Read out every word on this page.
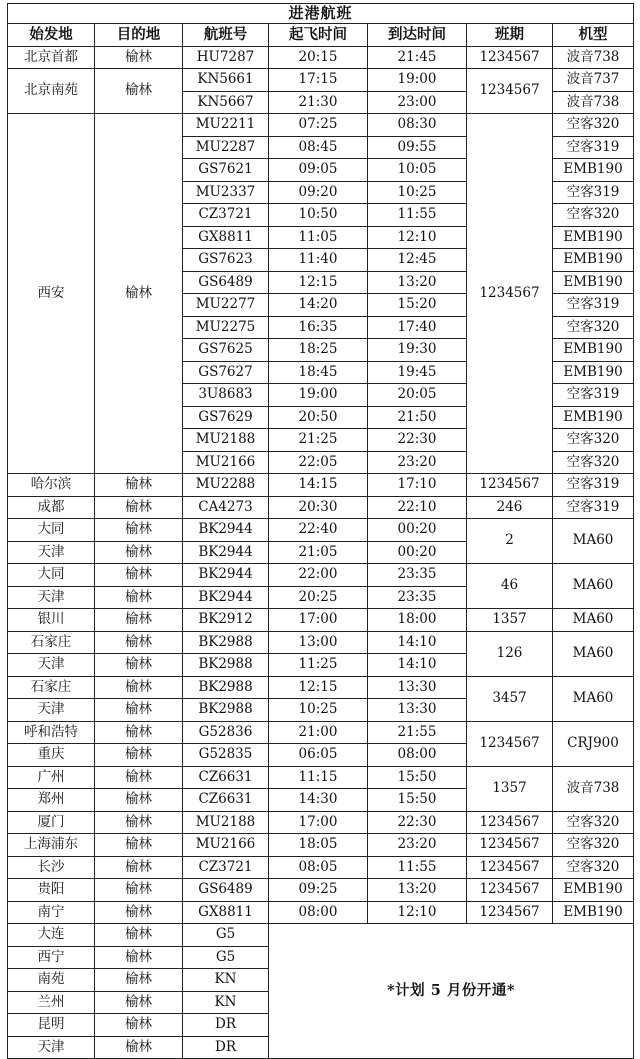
进港航班						
始发地	目的地	航班号	起飞时间	到达时间	班期	机型
北京首都	榆林	HU7287	20:15	21:45	1234567	波音738
北京南苑	榆林	KN5661	17:15	19:00	1234567	波音737
		KN5667	21:30	23:00		波音738
西安	榆林	MU2211	07:25	08:30	1234567	空客320
		MU2287	08:45	09:55		空客319
		GS7621	09:05	10:05		EMB190
		MU2337	09:20	10:25		空客319
		CZ3721	10:50	11:55		空客320
		GX8811	11:05	12:10		EMB190
		GS7623	11:40	12:45		EMB190
		GS6489	12:15	13:20		EMB190
		MU2277	14:20	15:20		空客319
		MU2275	16:35	17:40		空客320
		GS7625	18:25	19:30		EMB190
		GS7627	18:45	19:45		EMB190
		3U8683	19:00	20:05		空客319
		GS7629	20:50	21:50		EMB190
		MU2188	21:25	22:30		空客320
		MU2166	22:05	23:20		空客320
哈尔滨	榆林	MU2288	14:15	17:10	1234567	空客319
成都	榆林	CA4273	20:30	22:10	246	空客319
大同	榆林	BK2944	22:40	00:20	2	MA60
天津	榆林	BK2944	21:05	00:20		
大同	榆林	BK2944	22:00	23:35	46	MA60
天津	榆林	BK2944	20:25	23:35		
银川	榆林	BK2912	17:00	18:00	1357	MA60
石家庄	榆林	BK2988	13:00	14:10	126	MA60
天津	榆林	BK2988	11:25	14:10		
石家庄	榆林	BK2988	12:15	13:30	3457	MA60
天津	榆林	BK2988	10:25	13:30		
呼和浩特	榆林	G52836	21:00	21:55	1234567	CRJ900
重庆	榆林	G52835	06:05	08:00		
广州	榆林	CZ6631	11:15	15:50	1357	波音738
郑州	榆林	CZ6631	14:30	15:50		
厦门	榆林	MU2188	17:00	22:30	1234567	空客320
上海浦东	榆林	MU2166	18:05	23:20	1234567	空客320
长沙	榆林	CZ3721	08:05	11:55	1234567	空客320
贵阳	榆林	GS6489	09:25	13:20	1234567	EMB190
南宁	榆林	GX8811	08:00	12:10	1234567	EMB190
大连	榆林	G5	*计划 5 月份开通*			
西宁	榆林	G5				
南苑	榆林	KN				
兰州	榆林	KN				
昆明	榆林	DR				
天津	榆林	DR				
